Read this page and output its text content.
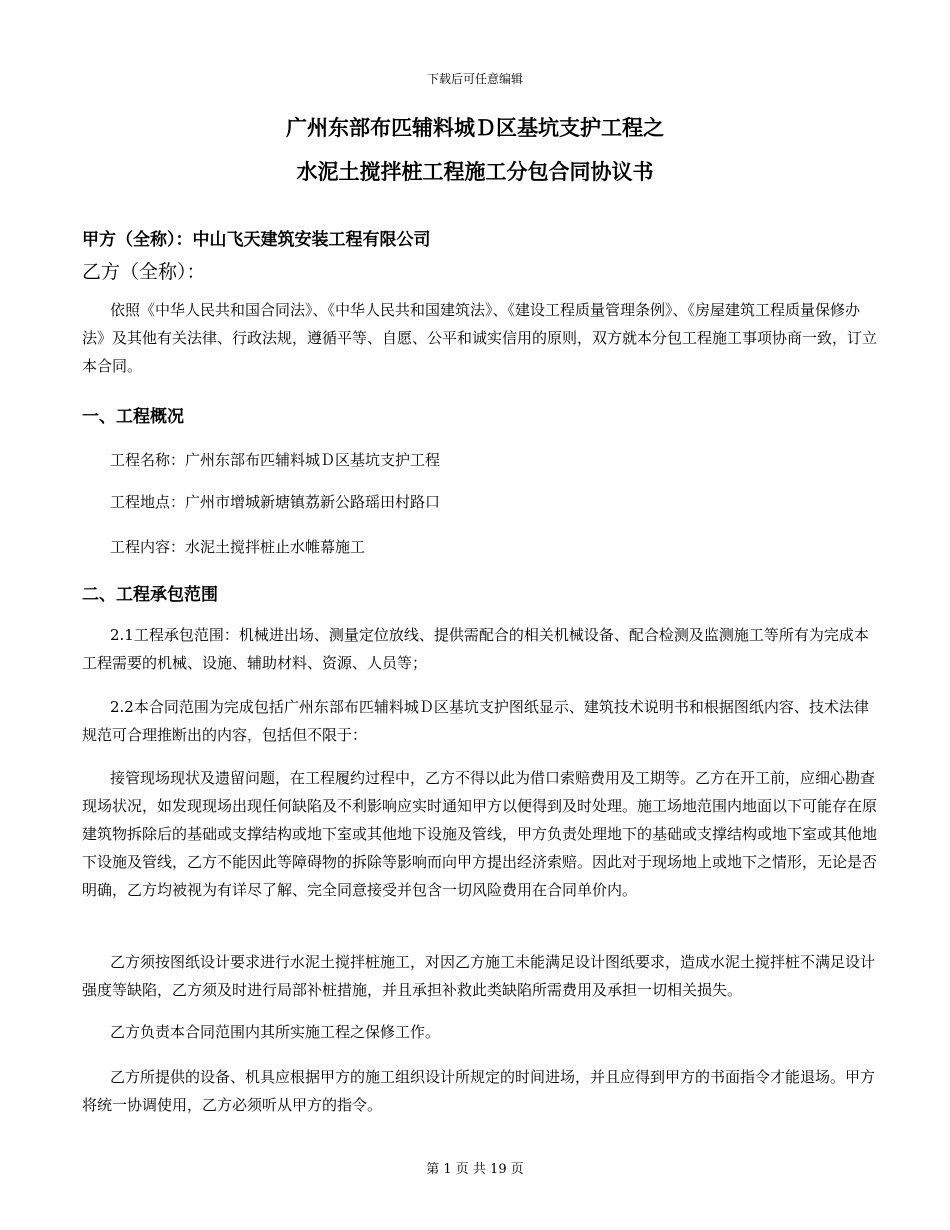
下载后可任意编辑
广州东部布匹辅料城Ｄ区基坑支护工程之
水泥土搅拌桩工程施工分包合同协议书
甲方（全称）：中山飞天建筑安装工程有限公司
乙方（全称）：
依照《中华人民共和国合同法》、《中华人民共和国建筑法》、《建设工程质量管理条例》、《房屋建筑工程质量保修办法》及其他有关法律、行政法规，遵循平等、自愿、公平和诚实信用的原则，双方就本分包工程施工事项协商一致，订立本合同。
一、工程概况
工程名称：广州东部布匹辅料城Ｄ区基坑支护工程
工程地点：广州市增城新塘镇荔新公路瑶田村路口
工程内容：水泥土搅拌桩止水帷幕施工
二、工程承包范围
2.1工程承包范围：机械进出场、测量定位放线、提供需配合的相关机械设备、配合检测及监测施工等所有为完成本工程需要的机械、设施、辅助材料、资源、人员等；
2.2本合同范围为完成包括广州东部布匹辅料城Ｄ区基坑支护图纸显示、建筑技术说明书和根据图纸内容、技术法律规范可合理推断出的内容，包括但不限于：
接管现场现状及遗留问题，在工程履约过程中，乙方不得以此为借口索赔费用及工期等。乙方在开工前，应细心勘查现场状况，如发现现场出现任何缺陷及不利影响应实时通知甲方以便得到及时处理。施工场地范围内地面以下可能存在原建筑物拆除后的基础或支撑结构或地下室或其他地下设施及管线，甲方负责处理地下的基础或支撑结构或地下室或其他地下设施及管线，乙方不能因此等障碍物的拆除等影响而向甲方提出经济索赔。因此对于现场地上或地下之情形，无论是否明确，乙方均被视为有详尽了解、完全同意接受并包含一切风险费用在合同单价内。
乙方须按图纸设计要求进行水泥土搅拌桩施工，对因乙方施工未能满足设计图纸要求，造成水泥土搅拌桩不满足设计强度等缺陷，乙方须及时进行局部补桩措施，并且承担补救此类缺陷所需费用及承担一切相关损失。
乙方负责本合同范围内其所实施工程之保修工作。
乙方所提供的设备、机具应根据甲方的施工组织设计所规定的时间进场，并且应得到甲方的书面指令才能退场。甲方将统一协调使用，乙方必须听从甲方的指令。
第 1 页 共 19 页
